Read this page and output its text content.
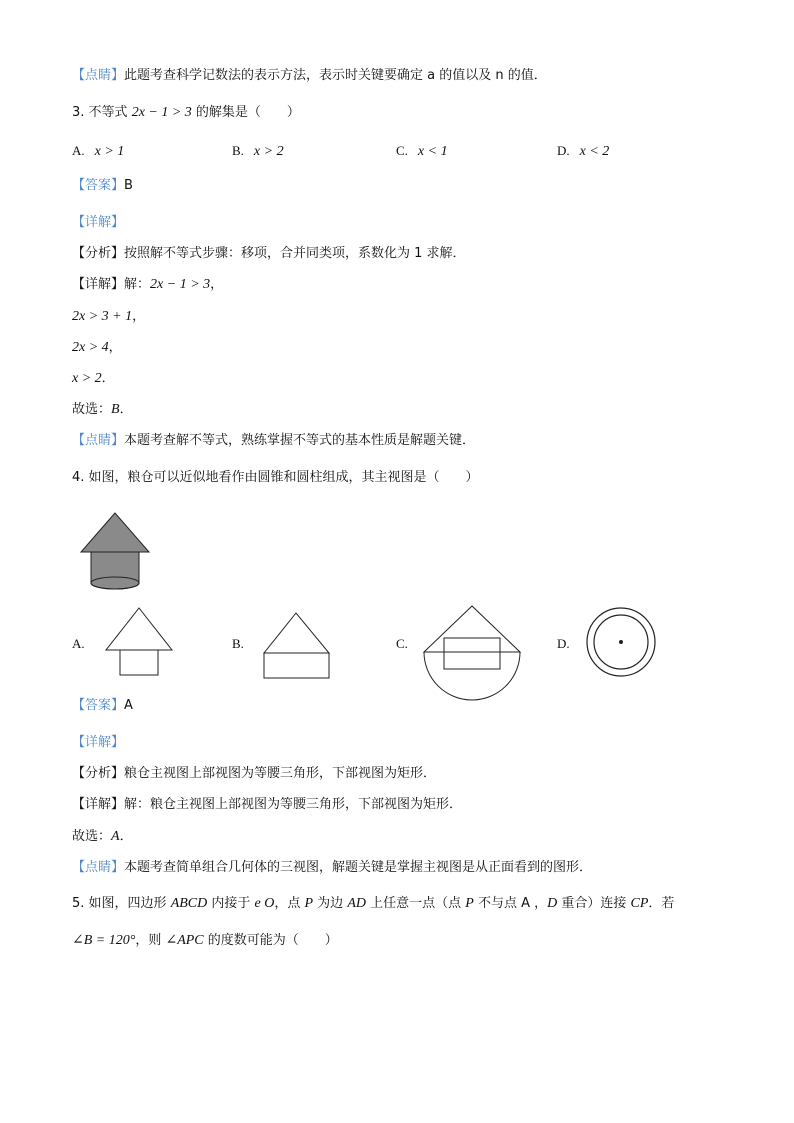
【点睛】此题考查科学记数法的表示方法，表示时关键要确定 a 的值以及 n 的值．
3. 不等式 2x − 1 > 3 的解集是（　　）
A. x > 1	B. x > 2	C. x < 1	D. x < 2
【答案】B
【详解】
【分析】按照解不等式步骤：移项，合并同类项，系数化为 1 求解．
【详解】解：2x − 1 > 3，
2x > 3 + 1，
2x > 4，
x > 2．
故选：B．
【点睛】本题考查解不等式，熟练掌握不等式的基本性质是解题关键．
4. 如图，粮仓可以近似地看作由圆锥和圆柱组成，其主视图是（　　）
A.	B.	C.	D.
【答案】A
【详解】
【分析】粮仓主视图上部视图为等腰三角形，下部视图为矩形．
【详解】解：粮仓主视图上部视图为等腰三角形，下部视图为矩形．
故选：A．
【点睛】本题考查简单组合几何体的三视图，解题关键是掌握主视图是从正面看到的图形．
5. 如图，四边形 ABCD 内接于 e O，点 P 为边 AD 上任意一点（点 P 不与点 A ，D 重合）连接 CP．若
∠B = 120°，则 ∠APC 的度数可能为（　　）
